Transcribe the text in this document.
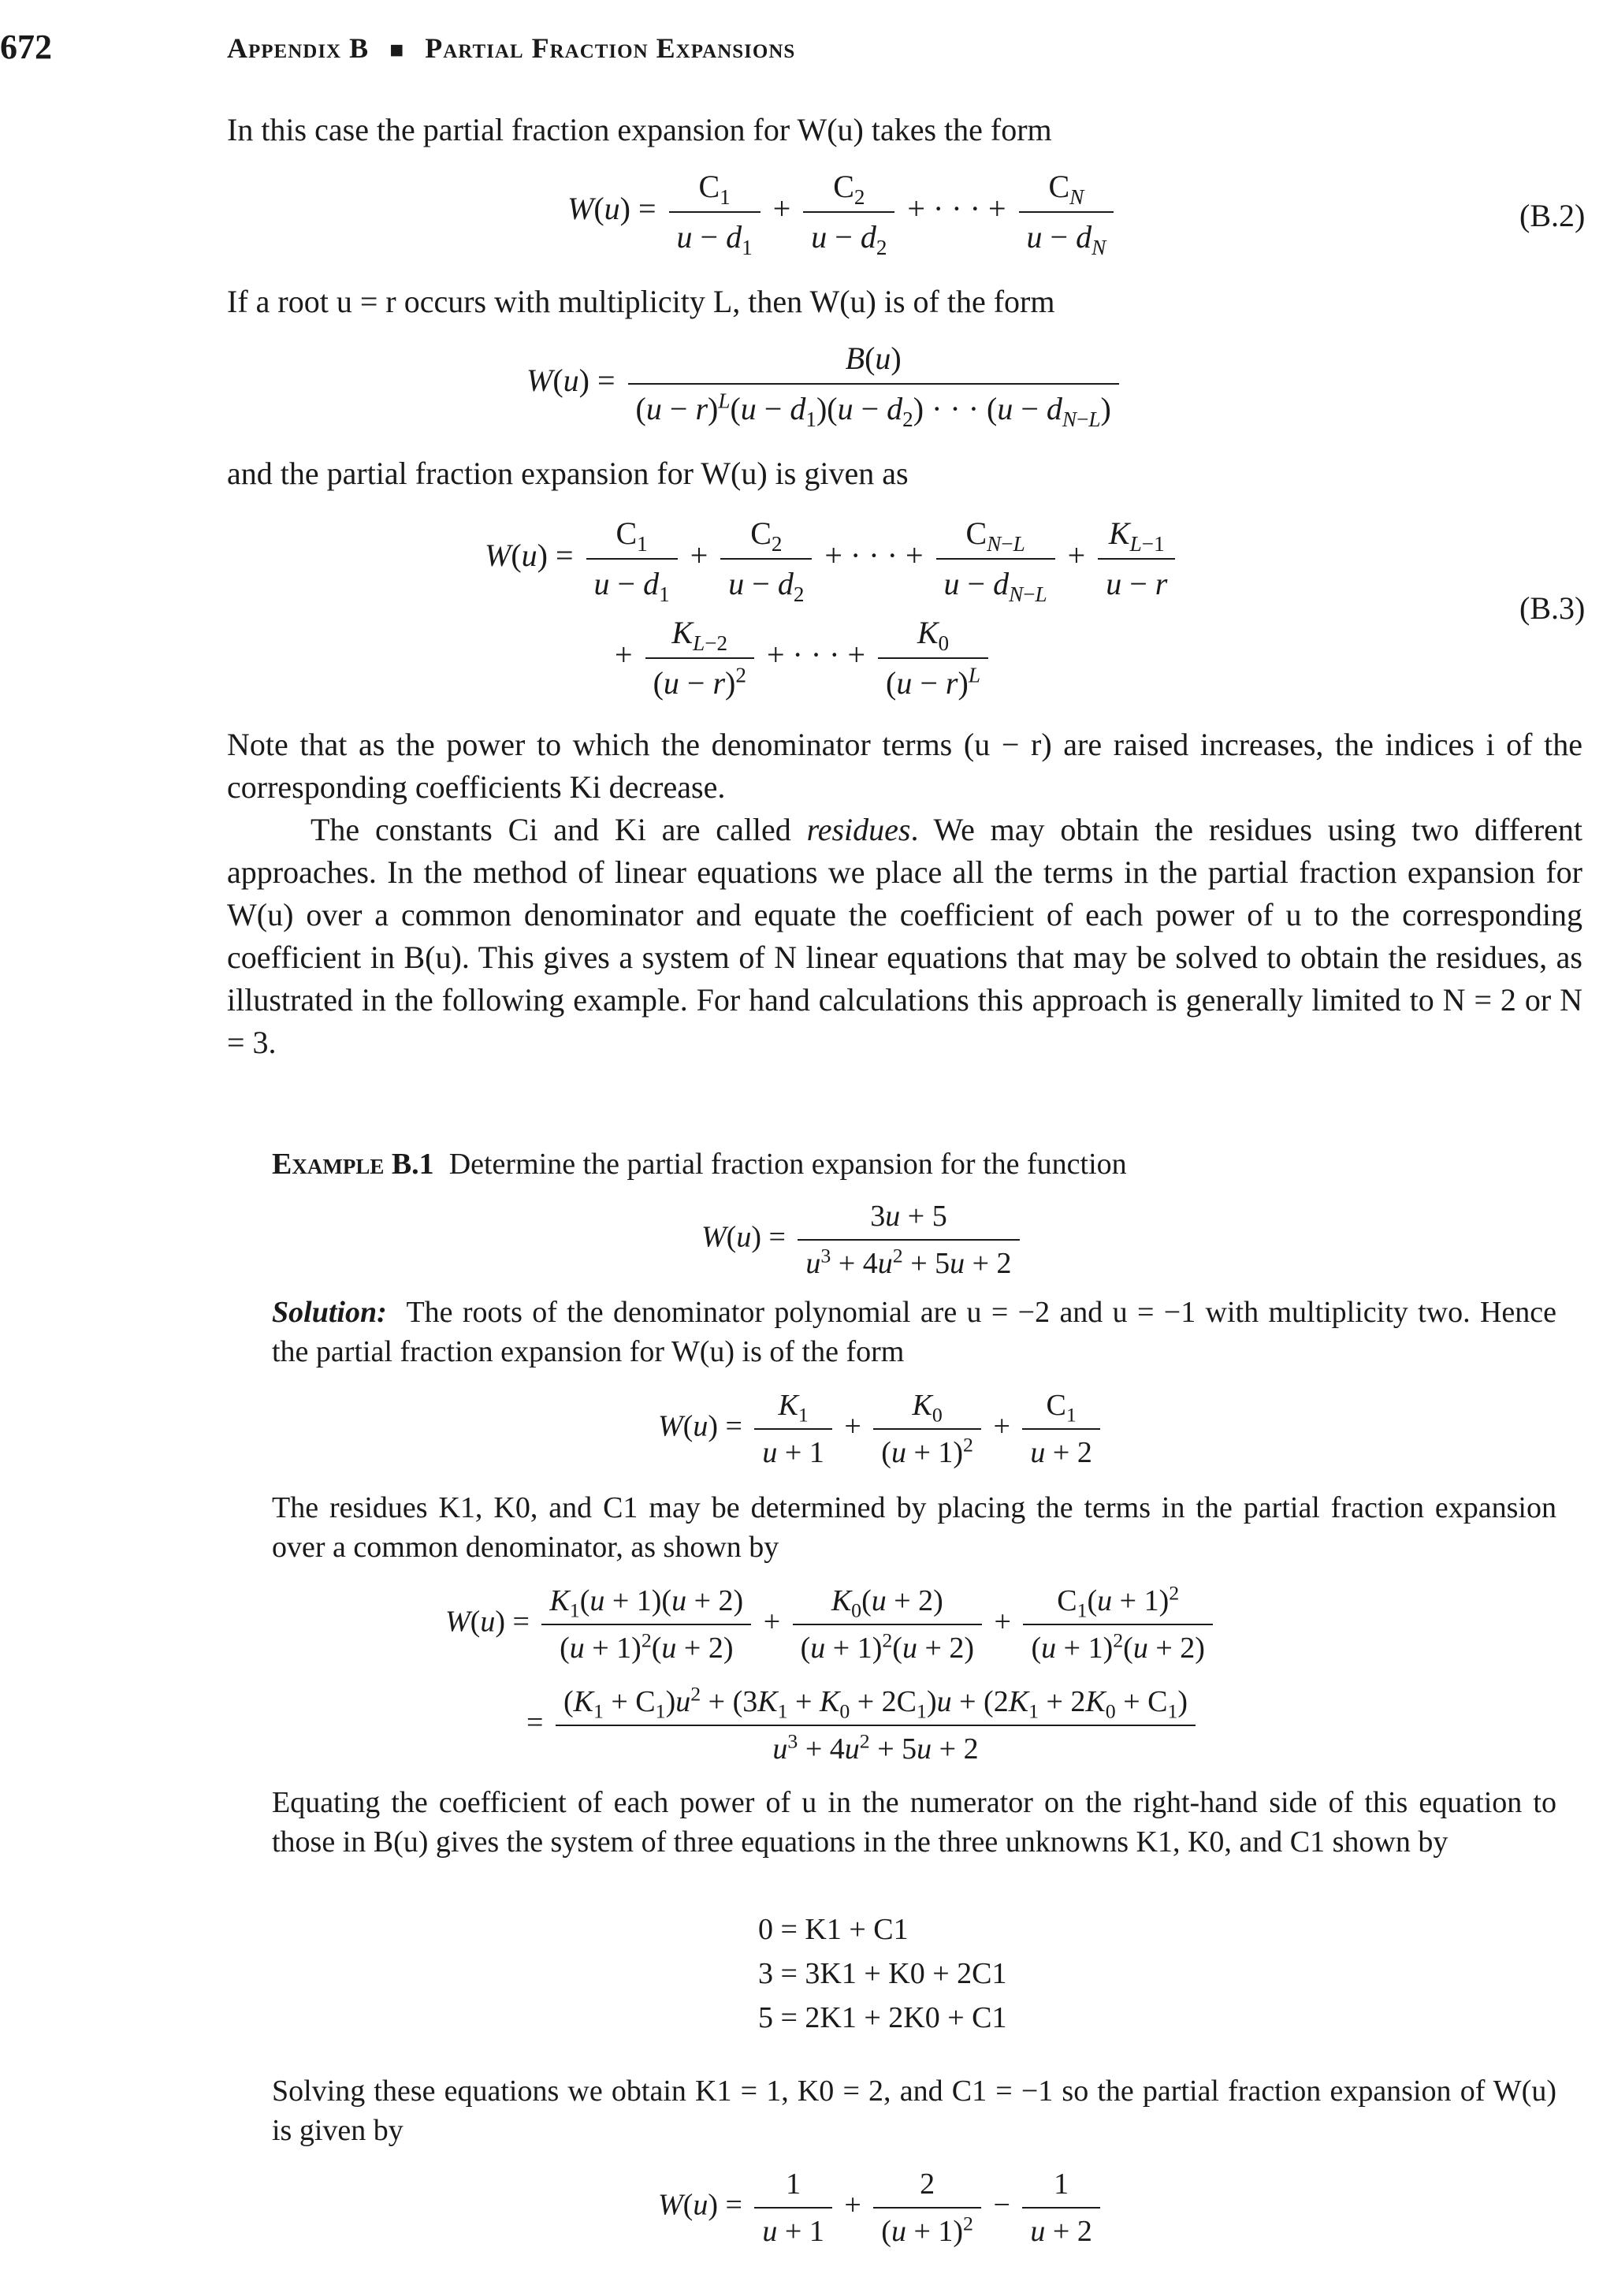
672	Appendix B ■ Partial Fraction Expansions
In this case the partial fraction expansion for W(u) takes the form
$W(u) = \frac{C_1}{u - d_1} + \frac{C_2}{u - d_2}$ + · · · + $\frac{C_N}{u - d_N}$	(B.2)
If a root u = r occurs with multiplicity L, then W(u) is of the form
$W(u) = \frac{B(u)}{(u - r)^L(u - d_1)(u - d_2) \cdot \cdot \cdot (u - d_{N-L})}$
and the partial fraction expansion for W(u) is given as
$W(u) = \frac{C_1}{u - d_1} + \frac{C_2}{u - d_2}$ + · · · + $\frac{C_{N-L}}{u - d_{N-L}} + \frac{K_{L-1}}{u - r}$
+ $\frac{K_{L-2}}{(u - r)^2}$ + · · · + $\frac{K_0}{(u - r)^L}$
(B.3)
Note that as the power to which the denominator terms (u − r) are raised increases, the indices i of the corresponding coefficients Ki decrease.
The constants Ci and Ki are called residues. We may obtain the residues using two different approaches. In the method of linear equations we place all the terms in the partial fraction expansion for W(u) over a common denominator and equate the coefficient of each power of u to the corresponding coefficient in B(u). This gives a system of N linear equations that may be solved to obtain the residues, as illustrated in the following example. For hand calculations this approach is generally limited to N = 2 or N = 3.
Example B.1 Determine the partial fraction expansion for the function
$W(u) = \frac{3u + 5}{u^3 + 4u^2 + 5u + 2}$
Solution: The roots of the denominator polynomial are u = −2 and u = −1 with multiplicity two. Hence the partial fraction expansion for W(u) is of the form
$W(u) = \frac{K_1}{u + 1} + \frac{K_0}{(u + 1)^2} + \frac{C_1}{u + 2}$
The residues K1, K0, and C1 may be determined by placing the terms in the partial fraction expansion over a common denominator, as shown by
$W(u) = \frac{K_1(u + 1)(u + 2)}{(u + 1)^2(u + 2)} + \frac{K_0(u + 2)}{(u + 1)^2(u + 2)} + \frac{C_1(u + 1)^2}{(u + 1)^2(u + 2)}$
= $\frac{(K_1 + C_1)u^2 + (3K_1 + K_0 + 2C_1)u + (2K_1 + 2K_0 + C_1)}{u^3 + 4u^2 + 5u + 2}$
Equating the coefficient of each power of u in the numerator on the right-hand side of this equation to those in B(u) gives the system of three equations in the three unknowns K1, K0, and C1 shown by
0 = K1 + C1
3 = 3K1 + K0 + 2C1
5 = 2K1 + 2K0 + C1
Solving these equations we obtain K1 = 1, K0 = 2, and C1 = −1 so the partial fraction expansion of W(u) is given by
$W(u) = \frac{1}{u + 1} + \frac{2}{(u + 1)^2} - \frac{1}{u + 2}$
